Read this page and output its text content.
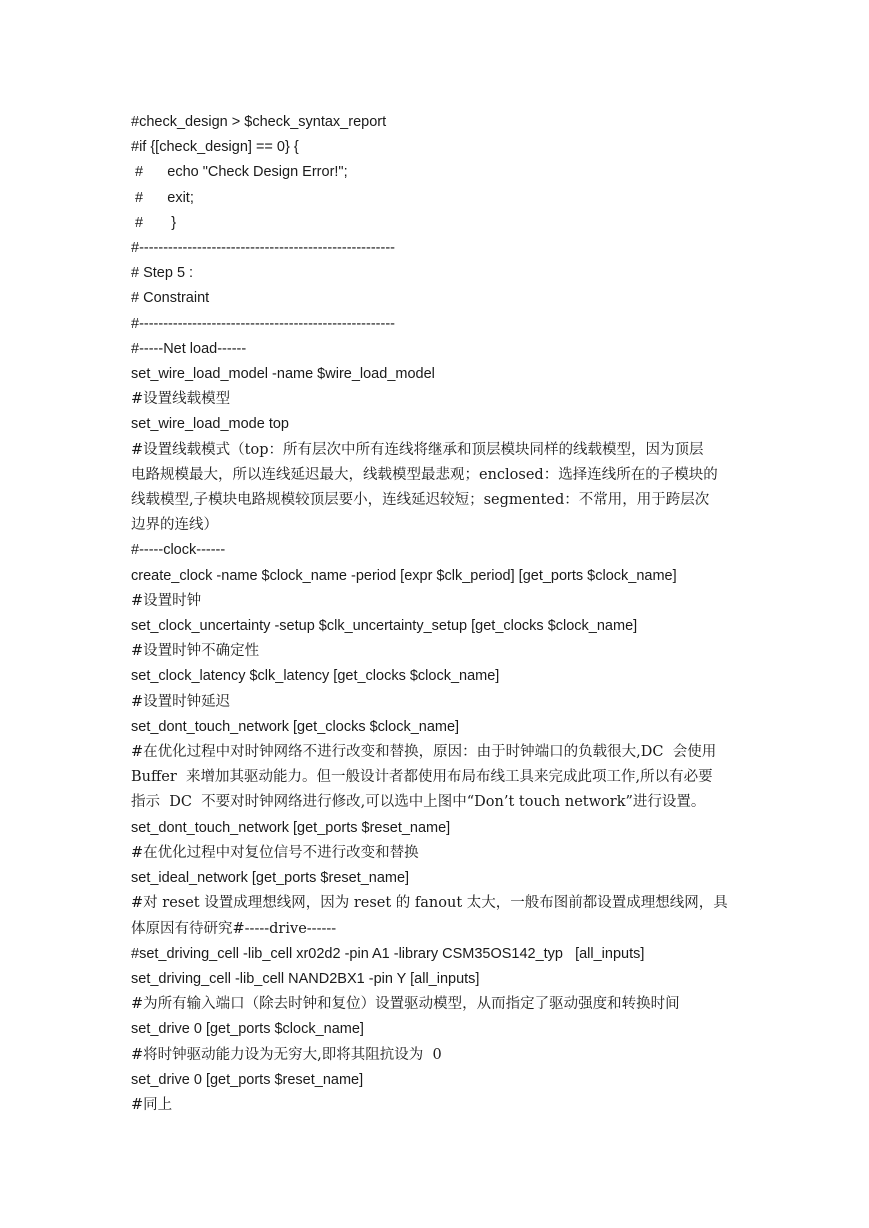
#check_design > $check_syntax_report

#if {[check_design] == 0} {

#      echo "Check Design Error!";

#      exit;

#       }

#-----------------------------------------------------

# Step 5 :

# Constraint

#-----------------------------------------------------

#-----Net load------

set_wire_load_model -name $wire_load_model

#设置线载模型

set_wire_load_mode top

#设置线载模式（top：所有层次中所有连线将继承和顶层模块同样的线载模型，因为顶层

电路规模最大，所以连线延迟最大，线载模型最悲观；enclosed：选择连线所在的子模块的

线载模型,子模块电路规模较顶层要小，连线延迟较短；segmented：不常用，用于跨层次

边界的连线）

#-----clock------

create_clock -name $clock_name -period [expr $clk_period] [get_ports $clock_name]

#设置时钟

set_clock_uncertainty -setup $clk_uncertainty_setup [get_clocks $clock_name]

#设置时钟不确定性

set_clock_latency $clk_latency [get_clocks $clock_name]

#设置时钟延迟

set_dont_touch_network [get_clocks $clock_name]

#在优化过程中对时钟网络不进行改变和替换，原因：由于时钟端口的负载很大,DC  会使用

Buffer  来增加其驱动能力。但一般设计者都使用布局布线工具来完成此项工作,所以有必要

指示  DC  不要对时钟网络进行修改,可以选中上图中“Don’t touch network”进行设置。

set_dont_touch_network [get_ports $reset_name]

#在优化过程中对复位信号不进行改变和替换

set_ideal_network [get_ports $reset_name]

#对 reset 设置成理想线网，因为 reset 的 fanout 太大，一般布图前都设置成理想线网，具

体原因有待研究#-----drive------

#set_driving_cell -lib_cell xr02d2 -pin A1 -library CSM35OS142_typ   [all_inputs]

set_driving_cell -lib_cell NAND2BX1 -pin Y [all_inputs]

#为所有输入端口（除去时钟和复位）设置驱动模型，从而指定了驱动强度和转换时间

set_drive 0 [get_ports $clock_name]

#将时钟驱动能力设为无穷大,即将其阻抗设为  0

set_drive 0 [get_ports $reset_name]

#同上
